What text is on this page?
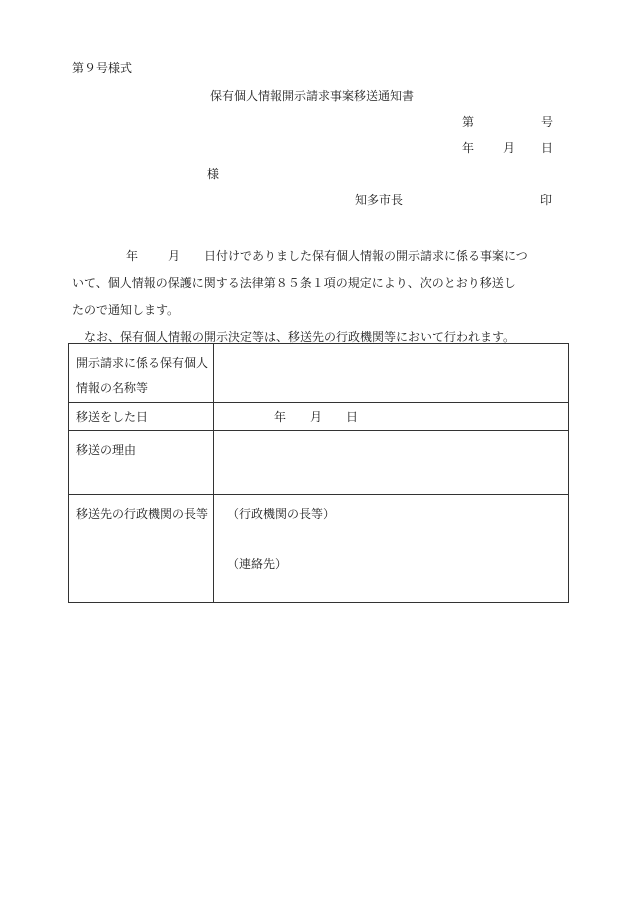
第９号様式
保有個人情報開示請求事案移送通知書
第	号
年 月 日
様
知多市長	印

年	月 日付けでありました保有個人情報の開示請求に係る事案につ

いて、個人情報の保護に関する法律第８５条１項の規定により、次のとおり移送し

たので通知します。

　なお、保有個人情報の開示決定等は、移送先の行政機関等において行われます。

開示請求に係る保有個人情報の名称等	
移送をした日	年　　月　　日
移送の理由	
移送先の行政機関の長等	（行政機関の長等）
（連絡先）
